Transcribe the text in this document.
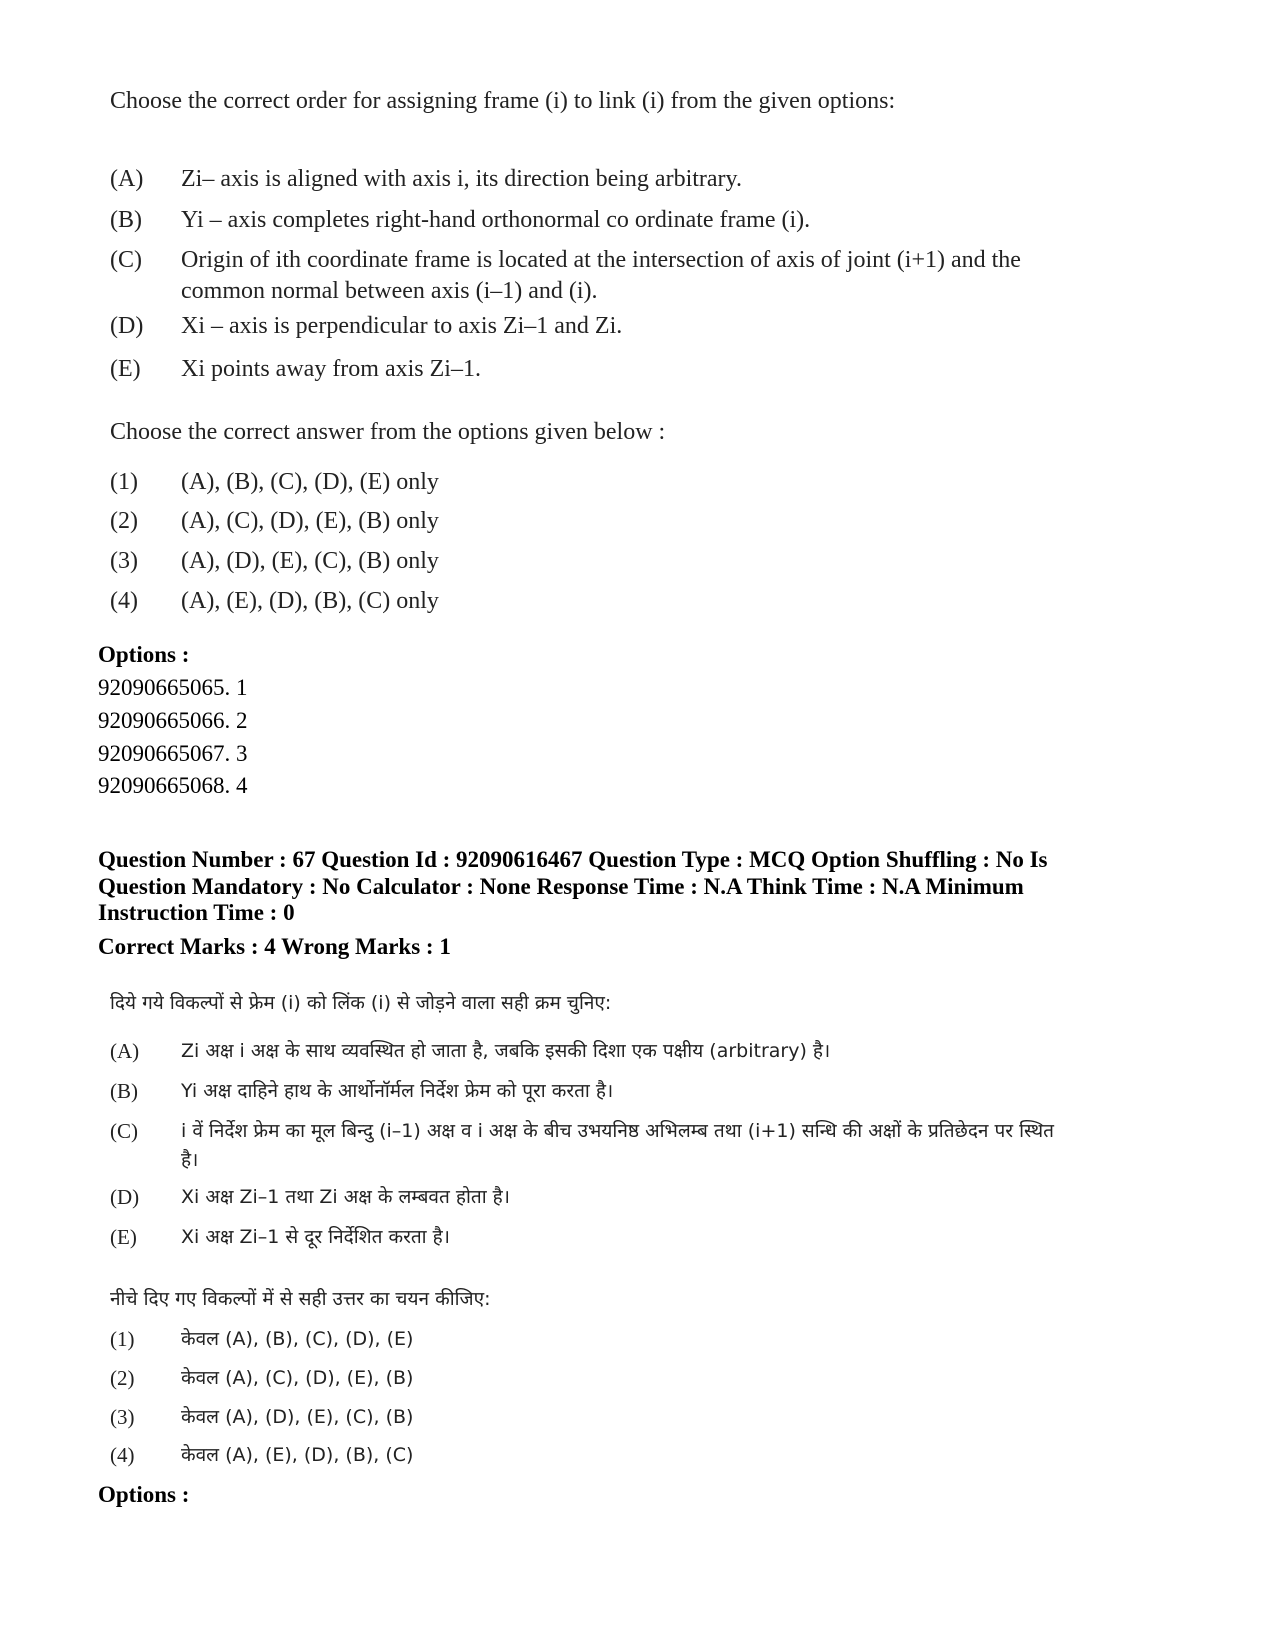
Choose the correct order for assigning frame (i) to link (i) from the given options:

(A)	Zi– axis is aligned with axis i, its direction being arbitrary.
(B)	Yi – axis completes right-hand orthonormal co ordinate frame (i).
(C)	Origin of ith coordinate frame is located at the intersection of axis of joint (i+1) and the common normal between axis (i–1) and (i).
(D)	Xi – axis is perpendicular to axis Zi–1 and Zi.
(E)	Xi points away from axis Zi–1.
Choose the correct answer from the options given below :
(1)	(A), (B), (C), (D), (E) only
(2)	(A), (C), (D), (E), (B) only
(3)	(A), (D), (E), (C), (B) only
(4)	(A), (E), (D), (B), (C) only
Options :
92090665065. 1
92090665066. 2
92090665067. 3
92090665068. 4
Question Number : 67 Question Id : 92090616467 Question Type : MCQ Option Shuffling : No Is
Question Mandatory : No Calculator : None Response Time : N.A Think Time : N.A Minimum
Instruction Time : 0
Correct Marks : 4 Wrong Marks : 1

दिये गये विकल्पों से फ्रेम (i) को लिंक (i) से जोड़ने वाला सही क्रम चुनिए:

(A)	Zi अक्ष i अक्ष के साथ व्यवस्थित हो जाता है, जबकि इसकी दिशा एक पक्षीय (arbitrary) है।
(B)	Yi अक्ष दाहिने हाथ के आर्थोनॉर्मल निर्देश फ्रेम को पूरा करता है।
(C)	i वें निर्देश फ्रेम का मूल बिन्दु (i–1) अक्ष व i अक्ष के बीच उभयनिष्ठ अभिलम्ब तथा (i+1) सन्धि की अक्षों के प्रतिछेदन पर स्थित है।
(D)	Xi अक्ष Zi–1 तथा Zi अक्ष के लम्बवत होता है।
(E)	Xi अक्ष Zi–1 से दूर निर्देशित करता है।
नीचे दिए गए विकल्पों में से सही उत्तर का चयन कीजिए:
(1)	केवल (A), (B), (C), (D), (E)
(2)	केवल (A), (C), (D), (E), (B)
(3)	केवल (A), (D), (E), (C), (B)
(4)	केवल (A), (E), (D), (B), (C)
Options :
